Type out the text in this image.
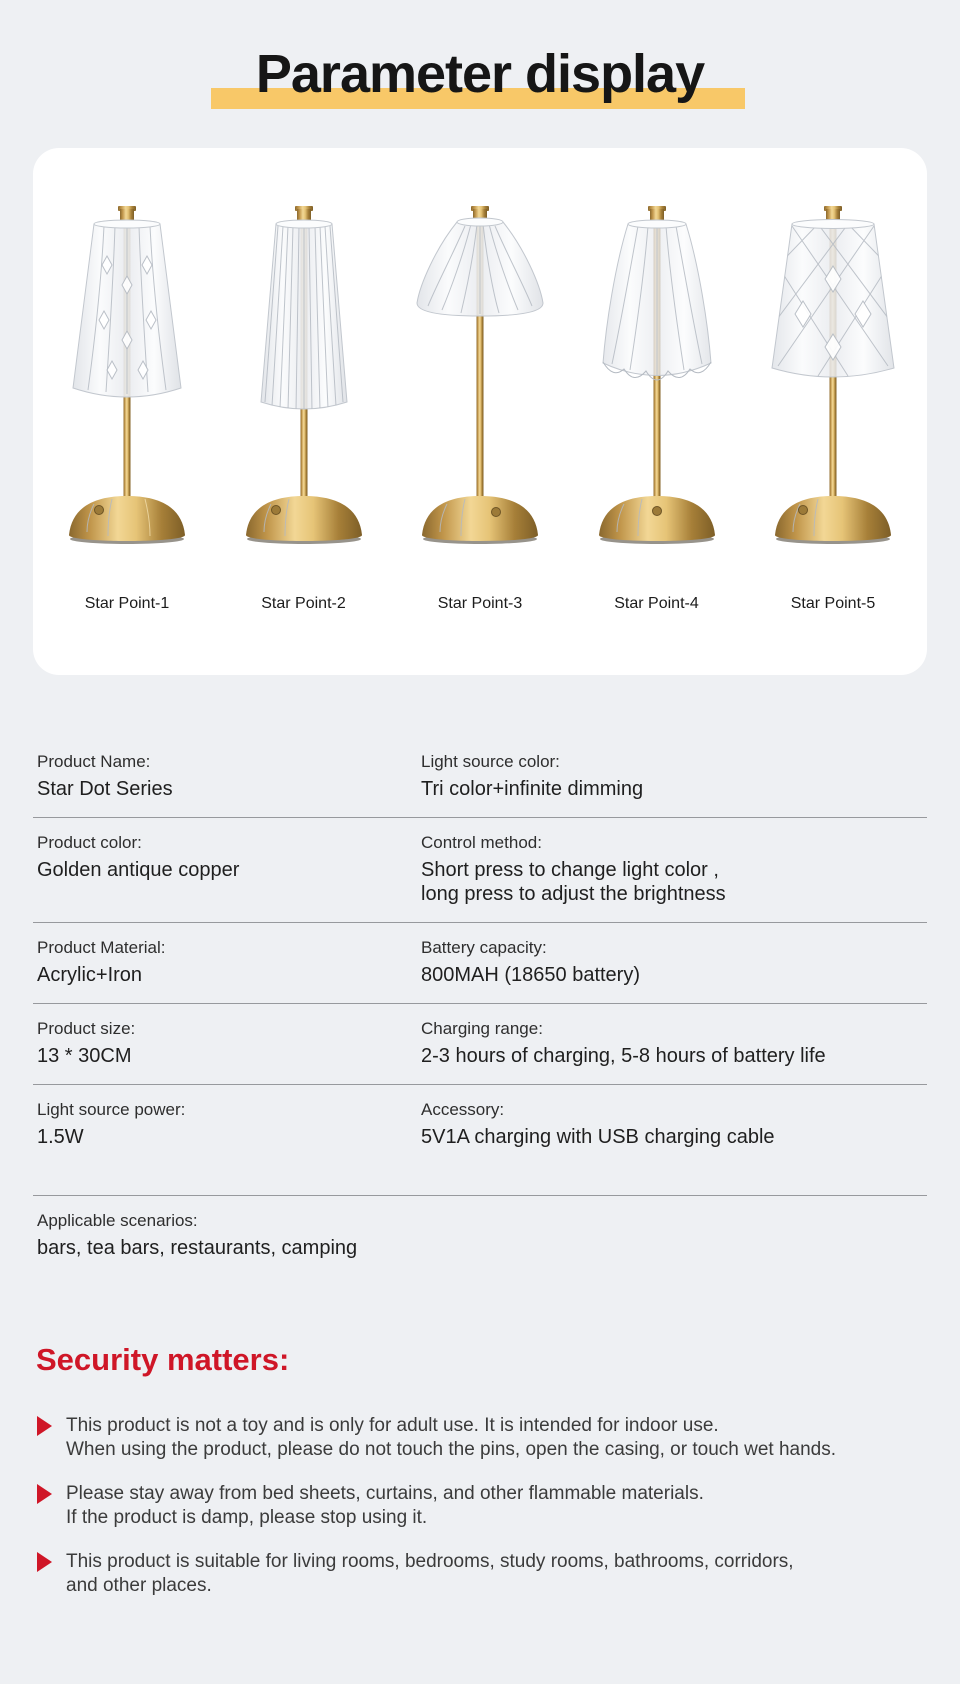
Parameter display
Star Point-1	Star Point-2	Star Point-3	Star Point-4	Star Point-5
Product Name:
Star Dot Series
Light source color:
Tri color+infinite dimming
Product color:
Golden antique copper
Control method:
Short press to change light color ,
long press to adjust the brightness
Product Material:
Acrylic+Iron
Battery capacity:
800MAH (18650 battery)
Product size:
13 * 30CM
Charging range:
2-3 hours of charging, 5-8 hours of battery life
Light source power:
1.5W
Accessory:
5V1A charging with USB charging cable
Applicable scenarios:
bars, tea bars, restaurants, camping
Security matters:
This product is not a toy and is only for adult use. It is intended for indoor use.
When using the product, please do not touch the pins, open the casing, or touch wet hands.
Please stay away from bed sheets, curtains, and other flammable materials.
If the product is damp, please stop using it.
This product is suitable for living rooms, bedrooms, study rooms, bathrooms, corridors,
and other places.
